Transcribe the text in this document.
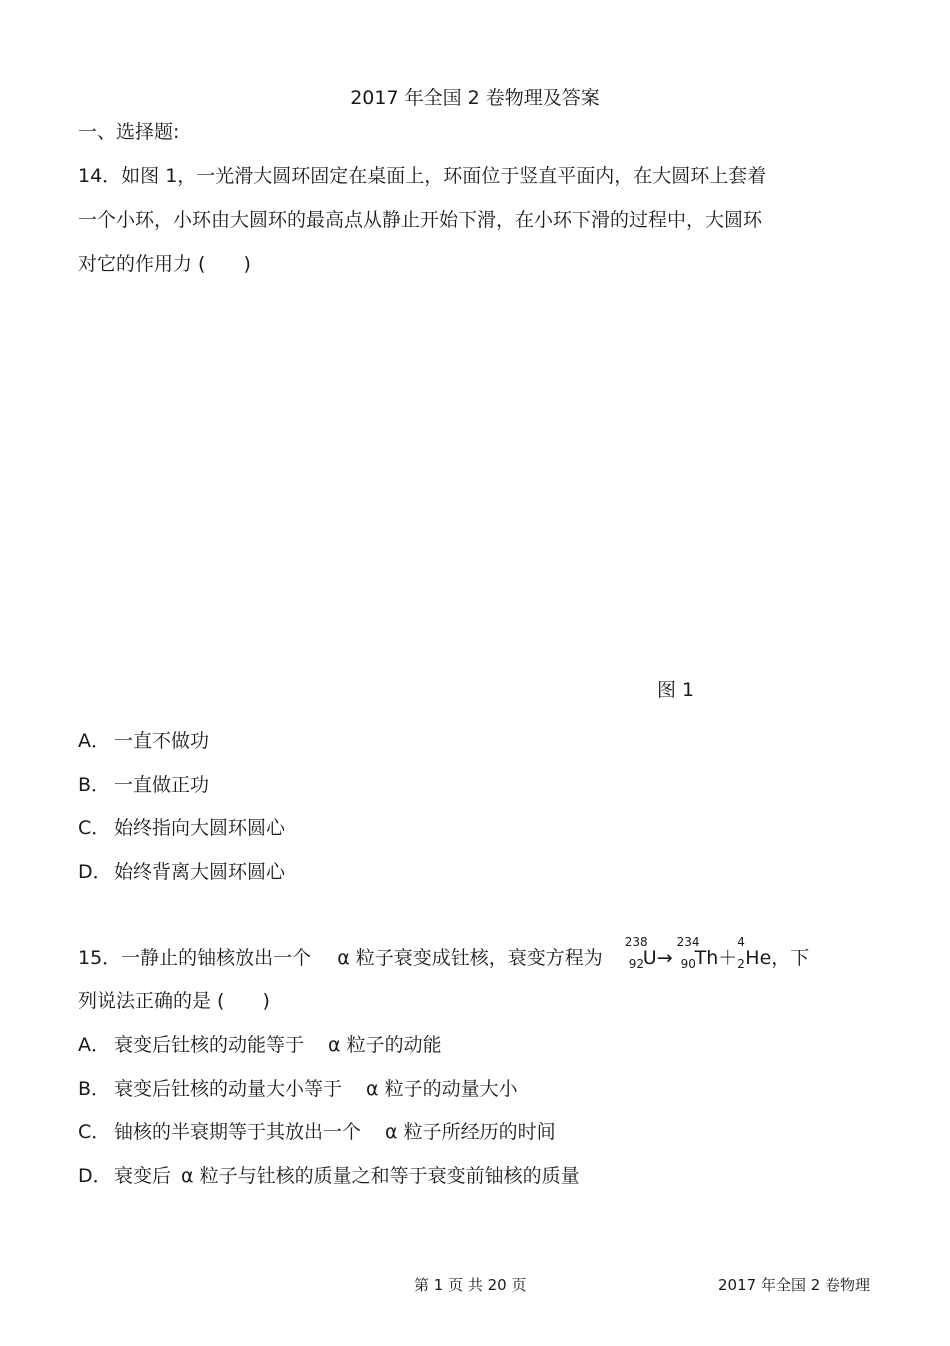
2017 年全国 2 卷物理及答案
一、选择题:
14．如图 1，一光滑大圆环固定在桌面上，环面位于竖直平面内，在大圆环上套着
一个小环，小环由大圆环的最高点从静止开始下滑，在小环下滑的过程中，大圆环
对它的作用力 (　　)
图 1
A． 一直不做功
B． 一直做正功
C． 始终指向大圆环圆心
D． 始终背离大圆环圆心
15．一静止的铀核放出一个 α 粒子衰变成钍核，衰变方程为
238
92
U→
234
90
Th＋
4
2 He，下
列说法正确的是 (　　)
A． 衰变后钍核的动能等于 α 粒子的动能
B． 衰变后钍核的动量大小等于 α 粒子的动量大小
C． 铀核的半衰期等于其放出一个 α 粒子所经历的时间
D． 衰变后 α 粒子与钍核的质量之和等于衰变前铀核的质量
第 1 页 共 20 页	2017 年全国 2 卷物理
